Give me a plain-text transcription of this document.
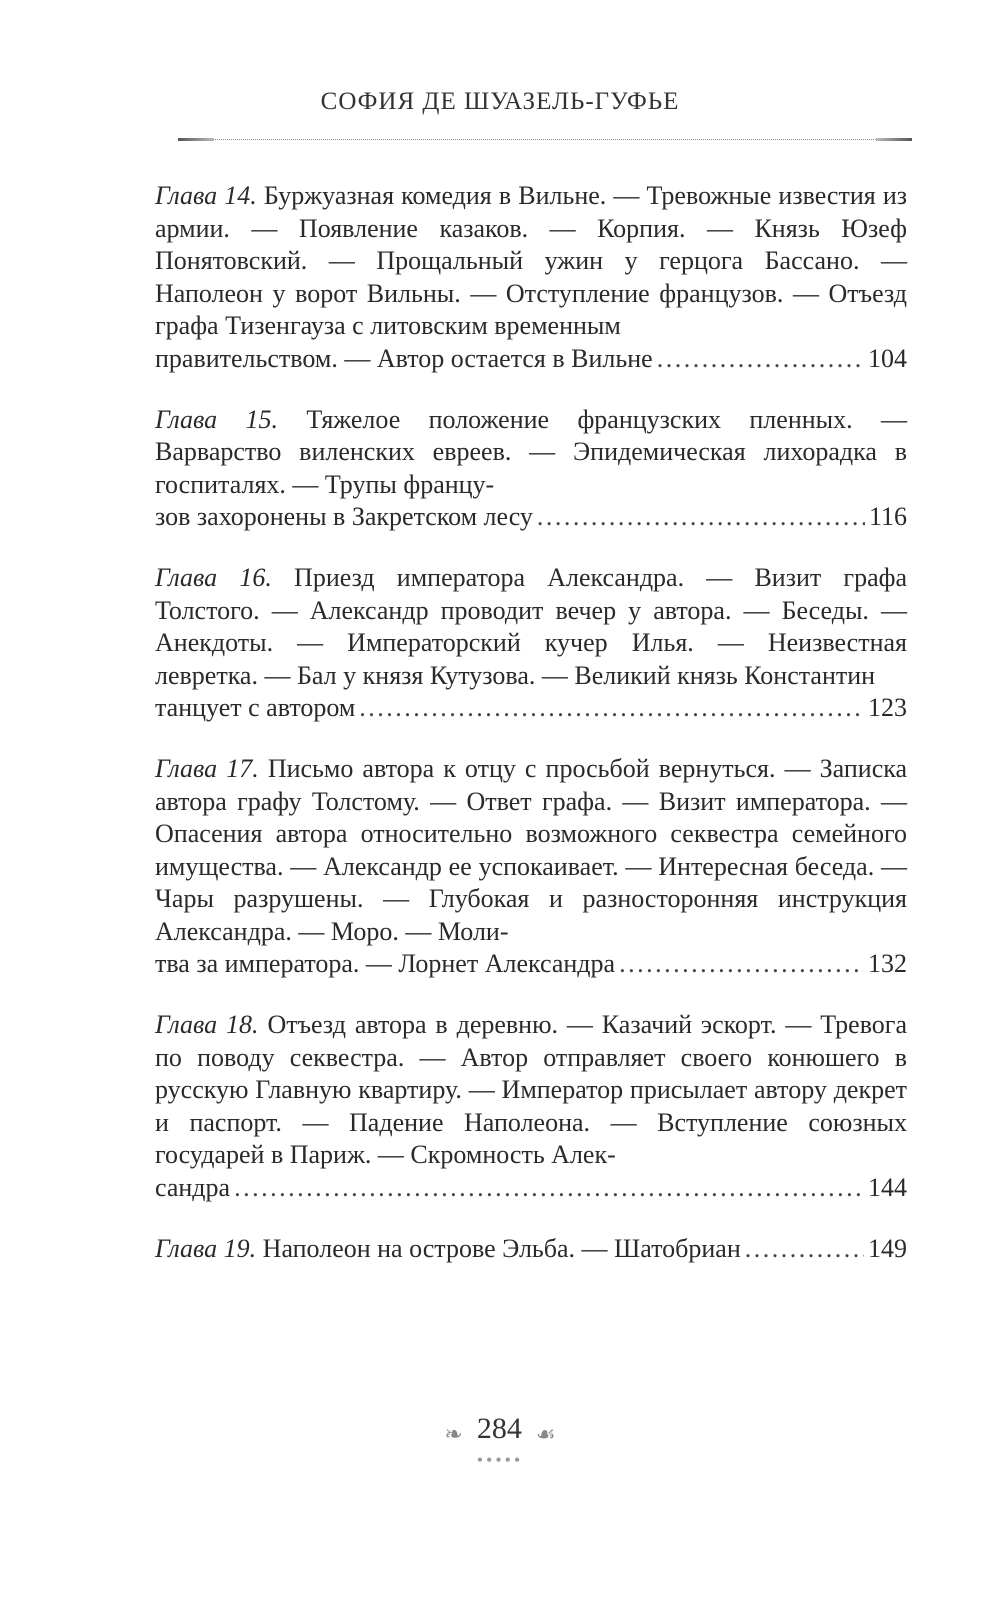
СОФИЯ ДЕ ШУАЗЕЛЬ-ГУФЬЕ

Глава 14. Буржуазная комедия в Вильне. — Тревожные известия из армии. — Появление казаков. — Корпия. — Князь Юзеф Понятовский. — Прощальный ужин у герцога Бассано. — Наполеон у ворот Вильны. — Отступление французов. — Отъезд графа Тизенгауза с литовским временным

правительством. — Автор остается в Вильне . . .	104

Глава 15. Тяжелое положение французских пленных. — Варварство виленских евреев. — Эпидемическая лихорадка в госпиталях. — Трупы францу-

зов захоронены в Закретском лесу . . .	116

Глава 16. Приезд императора Александра. — Визит графа Толстого. — Александр проводит вечер у автора. — Беседы. — Анекдоты. — Императорский кучер Илья. — Неизвестная левретка. — Бал у князя Кутузова. — Великий князь Константин

танцует с автором . . .	123

Глава 17. Письмо автора к отцу с просьбой вернуться. — Записка автора графу Толстому. — Ответ графа. — Визит императора. — Опасения автора относительно возможного секвестра семейного имущества. — Александр ее успокаивает. — Интересная беседа. — Чары разрушены. — Глубокая и разносторонняя инструкция Александра. — Моро. — Моли-

тва за императора. — Лорнет Александра . . .	132

Глава 18. Отъезд автора в деревню. — Казачий эскорт. — Тревога по поводу секвестра. — Автор отправляет своего конюшего в русскую Главную квартиру. — Император присылает автору декрет и паспорт. — Падение Наполеона. — Вступление союзных государей в Париж. — Скромность Алек-

сандра . . .	144
Глава 19. Наполеон на острове Эльба. — Шатобриан . . .	149
❧ 284 ☙
•••••
